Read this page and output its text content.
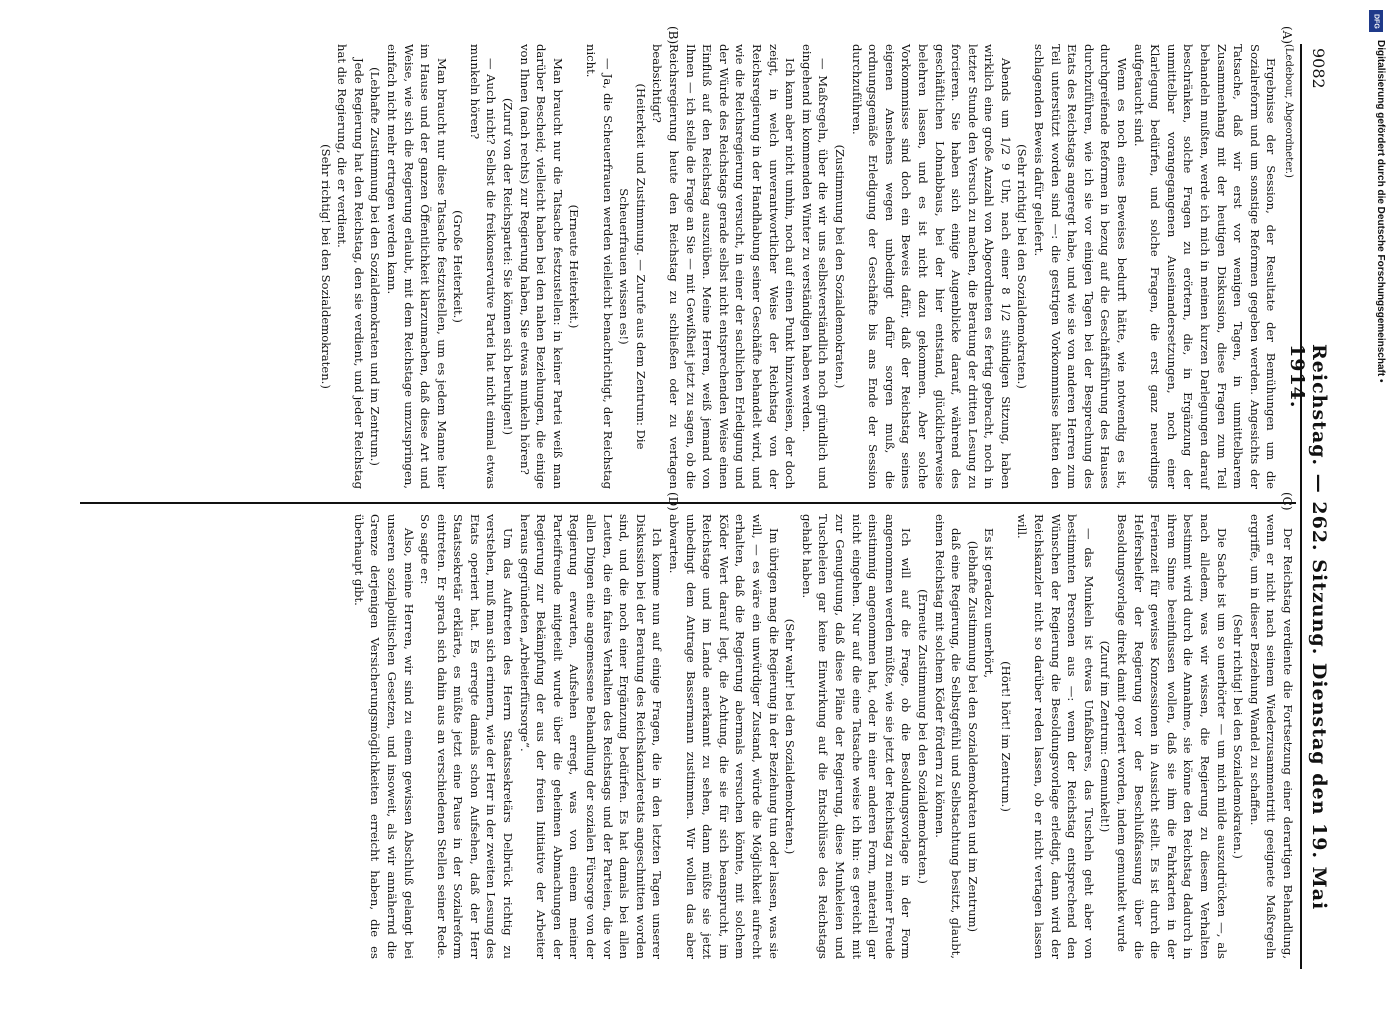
9082
Reichstag. — 262. Sitzung. Dienstag den 19. Mai 1914.

(Ledebour, Abgeordneter.)

Ergebnisse der Session, der Resultate der Bemühungen um die Sozialreform und um sonstige Reformen gegeben werden. Angesichts der Tatsache, daß wir erst vor wenigen Tagen, in unmittelbarem Zusammenhang mit der heutigen Diskussion, diese Fragen zum Teil behandeln mußten, werde ich mich in meinen kurzen Darlegungen darauf beschränken, solche Fragen zu erörtern, die, in Ergänzung der unmittelbar vorangegangenen Auseinandersetzungen, noch einer Klarlegung bedürfen, und solche Fragen, die erst ganz neuerdings aufgetaucht sind.

Wenn es noch eines Beweises bedurft hätte, wie notwendig es ist, durchgreifende Reformen in bezug auf die Geschäftsführung des Hauses durchzuführen, wie ich sie vor einigen Tagen bei der Besprechung des Etats des Reichstags angeregt habe, und wie sie von anderen Herren zum Teil unterstützt worden sind —: die gestrigen Vorkommnisse hätten den schlagenden Beweis dafür geliefert.

(Sehr richtig! bei den Sozialdemokraten.)

Abends um 1/2 9 Uhr, nach einer 8 1/2 stündigen Sitzung, haben wirklich eine große Anzahl von Abgeordneten es fertig gebracht, noch in letzter Stunde den Versuch zu machen, die Beratung der dritten Lesung zu forcieren. Sie haben sich einige Augenblicke darauf, während des geschäftlichen Lohnabbaus, bei der hier entstand, glücklicherweise belehren lassen, und es ist nicht dazu gekommen. Aber solche Vorkommnisse sind doch ein Beweis dafür, daß der Reichstag seines eigenen Ansehens wegen unbedingt dafür sorgen muß, die ordnungsgemäße Erledigung der Geschäfte bis ans Ende der Session durchzuführen.

(Zustimmung bei den Sozialdemokraten.)

— Maßregeln, über die wir uns selbstverständlich noch gründlich und eingehend im kommenden Winter zu verständigen haben werden.

Ich kann aber nicht umhin, noch auf einen Punkt hinzuweisen, der doch zeigt, in welch unverantwortlicher Weise der Reichstag von der Reichsregierung in der Handhabung seiner Geschäfte behandelt wird, und wie die Reichsregierung versucht, in einer der sachlichen Erledigung und der Würde des Reichstags gerade selbst nicht entsprechenden Weise einen Einfluß auf den Reichstag auszuüben. Meine Herren, weiß jemand von Ihnen — ich stelle die Frage an Sie — mit Gewißheit jetzt zu sagen, ob die Reichsregierung heute den Reichstag zu schließen oder zu vertagen beabsichtigt?

(Heiterkeit und Zustimmung. — Zurufe aus dem Zentrum: Die Scheuerfrauen wissen es!)

— Ja, die Scheuerfrauen werden vielleicht benachrichtigt, der Reichstag nicht.

(Erneute Heiterkeit.)

Man braucht nur die Tatsache festzustellen: in keiner Partei weiß man darüber Bescheid; vielleicht haben bei den nahen Beziehungen, die einige von Ihnen (nach rechts) zur Regierung haben, Sie etwas munkeln hören?

(Zuruf von der Reichspartei: Sie können sich beruhigen!)

— Auch nicht? Selbst die freikonservative Partei hat nicht einmal etwas munkeln hören?

(Große Heiterkeit.)

Man braucht nur diese Tatsache festzustellen, um es jedem Manne hier im Hause und der ganzen Öffentlichkeit klarzumachen, daß diese Art und Weise, wie sich die Regierung erlaubt, mit dem Reichstage umzuspringen, einfach nicht mehr ertragen werden kann.

(Lebhafte Zustimmung bei den Sozialdemokraten und im Zentrum.)

Jede Regierung hat den Reichstag, den sie verdient, und jeder Reichstag hat die Regierung, die er verdient.

(Sehr richtig! bei den Sozialdemokraten.)

Der Reichstag verdiente die Fortsetzung einer derartigen Behandlung, wenn er nicht nach seinem Wiederzusammentritt geeignete Maßregeln ergriffe, um in dieser Beziehung Wandel zu schaffen.

(Sehr richtig! bei den Sozialdemokraten.)

Die Sache ist um so unerhörter — um mich milde auszudrücken —, als nach alledem, was wir wissen, die Regierung zu diesem Verhalten bestimmt wird durch die Annahme, sie könne den Reichstag dadurch in ihrem Sinne beeinflussen wollen, daß sie ihm die Fahrkarten in der Ferienzeit für gewisse Konzessionen in Aussicht stellt. Es ist durch die Helfershelfer der Regierung vor der Beschlußfassung über die Besoldungsvorlage direkt damit operiert worden, indem gemunkelt wurde

(Zuruf im Zentrum: Gemunkelt!)

— das Munkeln ist etwas Unfaßbares, das Tuscheln geht aber von bestimmten Personen aus —: wenn der Reichstag entsprechend den Wünschen der Regierung die Besoldungsvorlage erledigt, dann wird der Reichskanzler nicht so darüber reden lassen, ob er nicht vertagen lassen will.

(Hört! hört! im Zentrum.)

Es ist geradezu unerhört,

(lebhafte Zustimmung bei den Sozialdemokraten und im Zentrum)

daß eine Regierung, die Selbstgefühl und Selbstachtung besitzt, glaubt, einen Reichstag mit solchem Köder fördern zu können.

(Erneute Zustimmung bei den Sozialdemokraten.)

Ich will auf die Frage, ob die Besoldungsvorlage in der Form angenommen werden müßte, wie sie jetzt der Reichstag zu meiner Freude einstimmig angenommen hat, oder in einer anderen Form, materiell gar nicht eingehen. Nur auf die eine Tatsache weise ich hin: es gereicht mit zur Genugtuung, daß diese Pläne der Regierung, diese Munkeleien und Tuscheleien gar keine Einwirkung auf die Entschlüsse des Reichstags gehabt haben.

(Sehr wahr! bei den Sozialdemokraten.)

Im übrigen mag die Regierung in der Beziehung tun oder lassen, was sie will, — es wäre ein unwürdiger Zustand, würde die Möglichkeit aufrecht erhalten, daß die Regierung abermals versuchen könnte, mit solchem Köder Wert darauf legt, die Achtung, die sie für sich beansprucht, im Reichstage und im Lande anerkannt zu sehen, dann müßte sie jetzt unbedingt dem Antrage Bassermann zustimmen. Wir wollen das aber abwarten.

Ich komme nun auf einige Fragen, die in den letzten Tagen unserer Diskussion bei der Beratung des Reichskanzleretats angeschnitten worden sind, und die noch einer Ergänzung bedürfen. Es hat damals bei allen Leuten, die ein faires Verhalten des Reichstags und der Parteien, die vor allen Dingen eine angemessene Behandlung der sozialen Fürsorge von der Regierung erwarten, Aufsehen erregt, was von einem meiner Parteifreunde mitgeteilt wurde über die geheimen Abmachungen der Regierung zur Bekämpfung der aus der freien Initiative der Arbeiter heraus gegründeten „Arbeiterfürsorge“.

Um das Auftreten des Herrn Staatssekretärs Delbrück richtig zu verstehen, muß man sich erinnern, wie der Herr in der zweiten Lesung des Etats operiert hat. Es erregte damals schon Aufsehen, daß der Herr Staatssekretär erklärte, es müßte jetzt eine Pause in der Sozialreform eintreten. Er sprach sich dahin aus an verschiedenen Stellen seiner Rede. So sagte er:

Also, meine Herren, wir sind zu einem gewissen Abschluß gelangt bei unseren sozialpolitischen Gesetzen, und insoweit, als wir annähernd die Grenze derjenigen Versicherungsmöglichkeiten erreicht haben, die es überhaupt gibt.

(A)
(B)
(C)
(D)
DFG
Digitalisierung gefördert durch die Deutsche Forschungsgemeinschaft •
